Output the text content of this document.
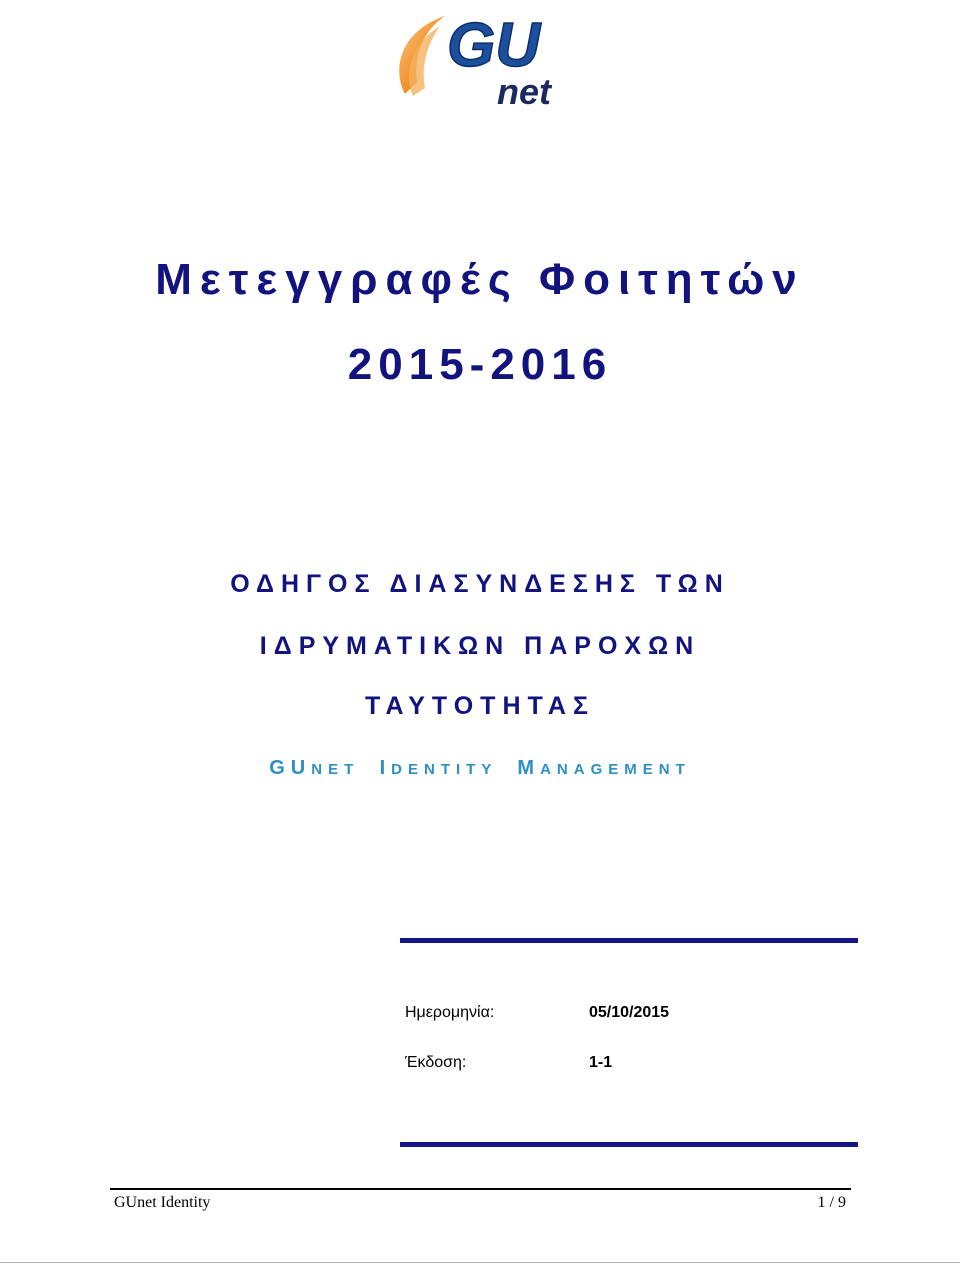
GU
net
Μετεγγραφές Φοιτητών
2015-2016
ΟΔΗΓΟΣ ΔΙΑΣΥΝΔΕΣΗΣ ΤΩΝ
ΙΔΡΥΜΑΤΙΚΩΝ ΠΑΡΟΧΩΝ
ΤΑΥΤΟΤΗΤΑΣ
GUNET IDENTITY MANAGEMENT
Ημερομηνία:	05/10/2015
Έκδοση:	1-1
GUnet Identity	1 / 9
